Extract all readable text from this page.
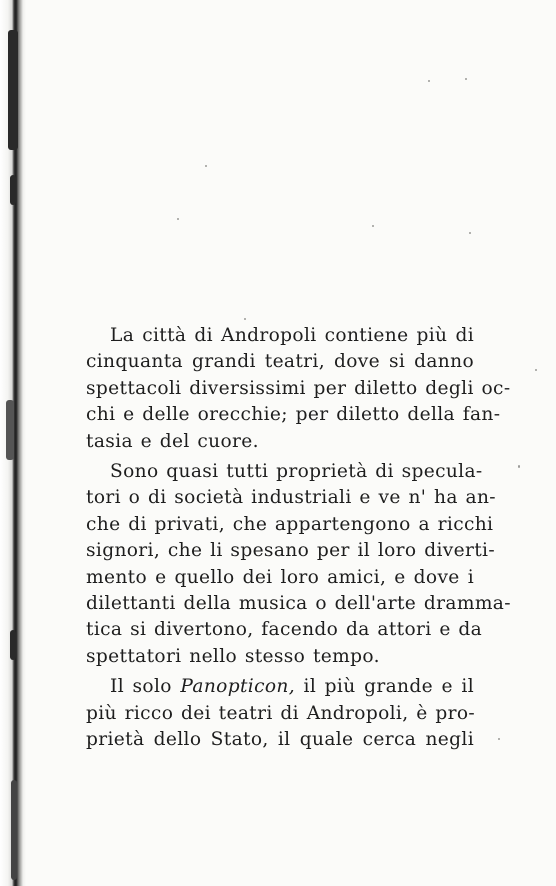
La città di Andropoli contiene più di
cinquanta grandi teatri, dove si danno
spettacoli diversissimi per diletto degli oc-
chi e delle orecchie; per diletto della fan-
tasia e del cuore.
Sono quasi tutti proprietà di specula-
tori o di società industriali e ve n' ha an-
che di privati, che appartengono a ricchi
signori, che li spesano per il loro diverti-
mento e quello dei loro amici, e dove i
dilettanti della musica o dell'arte dramma-
tica si divertono, facendo da attori e da
spettatori nello stesso tempo.
Il solo Panopticon, il più grande e il
più ricco dei teatri di Andropoli, è pro-
prietà dello Stato, il quale cerca negli
